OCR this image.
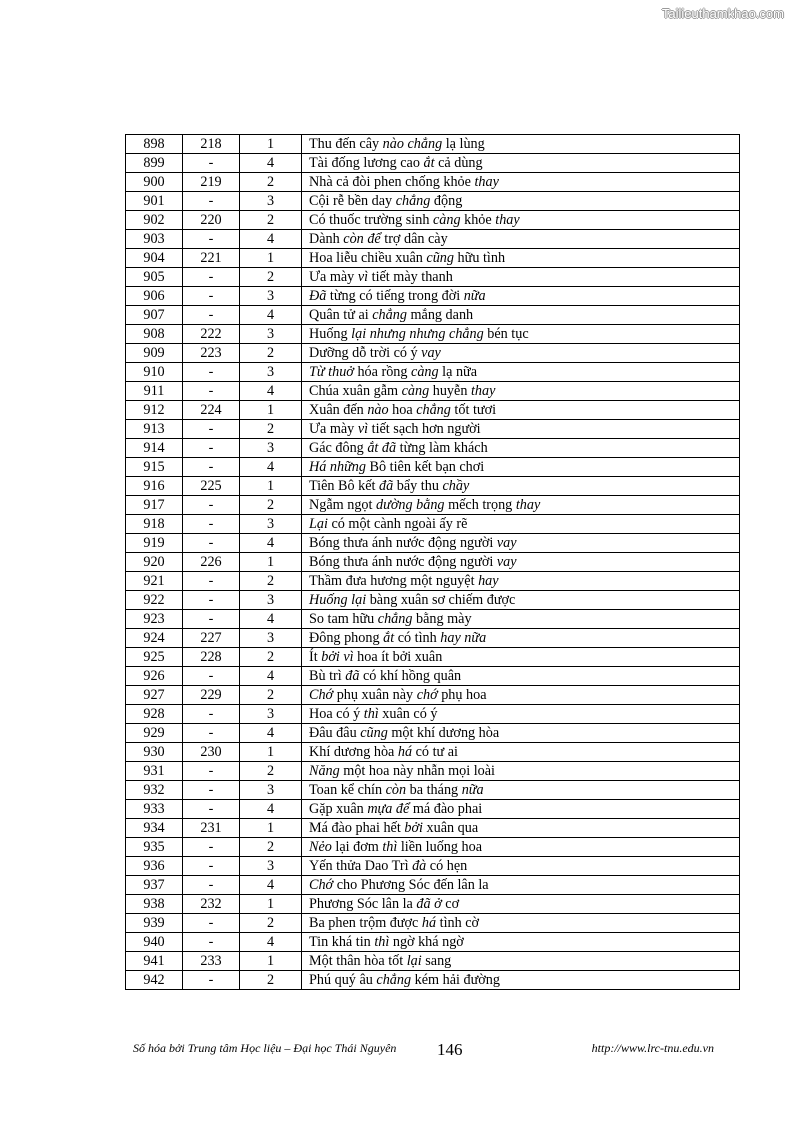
Tailieuthamkhao.com
898	218	1	Thu đến cây nào chẳng lạ lùng
899	-	4	Tài đống lương cao ắt cả dùng
900	219	2	Nhà cả đòi phen chống khỏe thay
901	-	3	Cội rễ bền day chẳng động
902	220	2	Có thuốc trường sinh càng khỏe thay
903	-	4	Dành còn để trợ dân cày
904	221	1	Hoa liễu chiều xuân cũng hữu tình
905	-	2	Ưa mày vì tiết mày thanh
906	-	3	Đã từng có tiếng trong đời nữa
907	-	4	Quân tử ai chẳng mắng danh
908	222	3	Huống lại nhưng nhưng chẳng bén tục
909	223	2	Dưỡng dỗ trời có ý vay
910	-	3	Từ thuở hóa rồng càng lạ nữa
911	-	4	Chúa xuân gẫm càng huyễn thay
912	224	1	Xuân đến nào hoa chẳng tốt tươi
913	-	2	Ưa mày vì tiết sạch hơn người
914	-	3	Gác đông ắt đã từng làm khách
915	-	4	Há những Bô tiên kết bạn chơi
916	225	1	Tiên Bô kết đã bẩy thu chầy
917	-	2	Ngẫm ngọt dường bằng mếch trọng thay
918	-	3	Lại có một cành ngoài ấy rẽ
919	-	4	Bóng thưa ánh nước động người vay
920	226	1	Bóng thưa ánh nước động người vay
921	-	2	Thầm đưa hương một nguyệt hay
922	-	3	Huống lại bàng xuân sơ chiếm được
923	-	4	So tam hữu chẳng bằng mày
924	227	3	Đông phong ắt có tình hay nữa
925	228	2	Ít bởi vì hoa ít bởi xuân
926	-	4	Bù trì đã có khí hồng quân
927	229	2	Chớ phụ xuân này chớ phụ hoa
928	-	3	Hoa có ý thì xuân có ý
929	-	4	Đâu đâu cũng một khí dương hòa
930	230	1	Khí dương hòa há có tư ai
931	-	2	Năng một hoa này nhẫn mọi loài
932	-	3	Toan kể chín còn ba tháng nữa
933	-	4	Gặp xuân mựa để má đào phai
934	231	1	Má đào phai hết bởi xuân qua
935	-	2	Nẻo lại đơm thì liền luống hoa
936	-	3	Yến thửa Dao Trì đà có hẹn
937	-	4	Chớ cho Phương Sóc đến lân la
938	232	1	Phương Sóc lân la đã ở cơ
939	-	2	Ba phen trộm được há tình cờ
940	-	4	Tin khá tin thì ngờ khá ngờ
941	233	1	Một thân hòa tốt lại sang
942	-	2	Phú quý âu chẳng kém hải đường
Số hóa bởi Trung tâm Học liệu – Đại học Thái Nguyên 146	http://www.lrc-tnu.edu.vn
